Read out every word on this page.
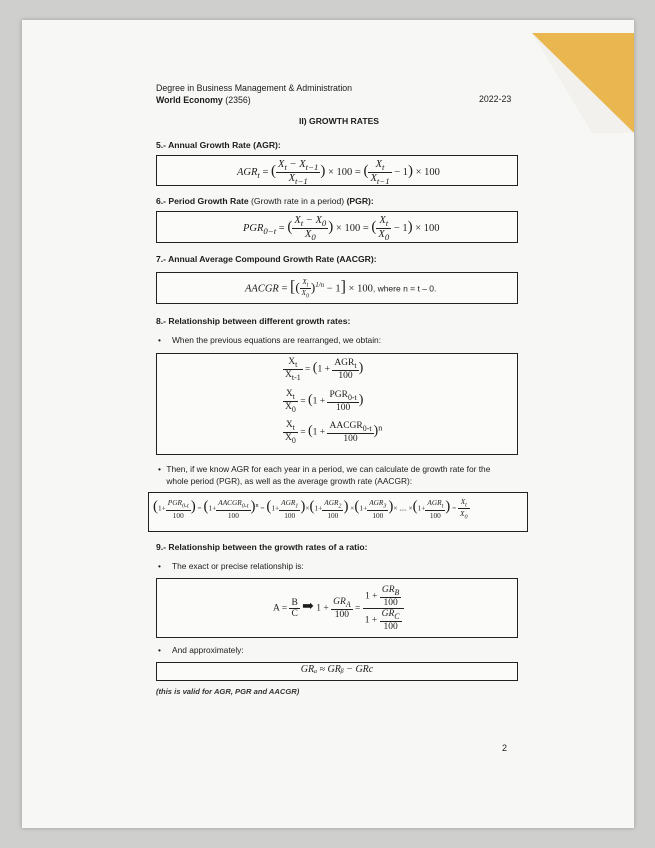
Degree in Business Management & Administration
World Economy (2356)	2022-23
II) GROWTH RATES
5.- Annual Growth Rate (AGR):
$AGR_t$ = ( $\frac{X_t - X_{t-1}}{X_{t-1}}$ ) × 100 = ( $\frac{X_t}{X_{t-1}} - 1) \times 100$
6.- Period Growth Rate (Growth rate in a period) (PGR):
$PGR_{0-t}$ = ( $\frac{X_t - X_0}{X_0}$ ) × 100 = ( $\frac{X_t}{X_0} - 1) \times 100$
7.- Annual Average Compound Growth Rate (AACGR):
AACGR = [( $\frac{X_t}{X_0} )^{1/n} - 1] \times 100$, where n = t – 0.
8.- Relationship between different growth rates:
• When the previous equations are rearranged, we obtain:
$\frac{X_t}{X_{t-1}} = (1 + \frac{AGR_t}{100}$ )
$\frac{X_t}{X_0} = (1 + \frac{PGR_{0-t}}{100}$ )
$\frac{X_t}{X_0} = (1 + \frac{AACGR_{0-t}}{100} )^n$
• Then, if we know AGR for each year in a period, we can calculate de growth rate for the whole period (PGR), as well as the average growth rate (AACGR):
($1+ \frac{PGR_{0-t}}{100}$ ) = $(1+ \frac{AACGR_{0-t}}{100} )^n = (1+ \frac{AGR_1}{100} )\times(1+ \frac{AGR_2}{100}$ ) $\times(1+ \frac{AGR_3}{100}$ )× .... $\times(1+ \frac{AGR_t}{100}$ ) = $\frac{X_t}{X_0}$
9.- Relationship between the growth rates of a ratio:
• The exact or precise relationship is:
$A = \frac{B}{C}$ ➡ $1 + \frac{GR_A}{100} = \frac{1 + \frac{GR_B}{100}}{1 + \frac{GR_C}{100}}$
• And approximately:
GRₐ ≈ GRᵦ − GRc
(this is valid for AGR, PGR and AACGR)
2
